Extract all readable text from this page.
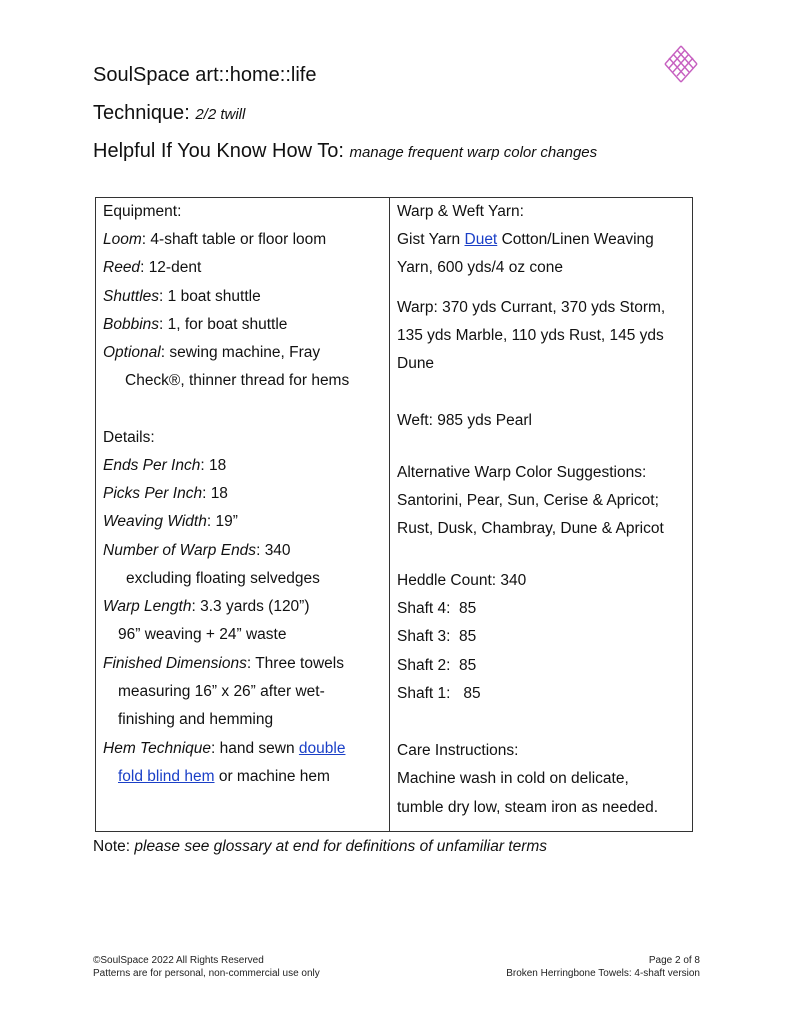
SoulSpace art::home::life
Technique: 2/2 twill
Helpful If You Know How To: manage frequent warp color changes
Equipment:
Loom: 4-shaft table or floor loom
Reed: 12-dent
Shuttles: 1 boat shuttle
Bobbins: 1, for boat shuttle
Optional: sewing machine, Fray
Check®, thinner thread for hems
Details:
Ends Per Inch: 18
Picks Per Inch: 18
Weaving Width: 19”
Number of Warp Ends: 340
excluding floating selvedges
Warp Length: 3.3 yards (120”)
96” weaving + 24” waste
Finished Dimensions: Three towels
measuring 16” x 26” after wet-
finishing and hemming
Hem Technique: hand sewn double
fold blind hem or machine hem
Warp & Weft Yarn:
Gist Yarn Duet Cotton/Linen Weaving
Yarn, 600 yds/4 oz cone
Warp: 370 yds Currant, 370 yds Storm,
135 yds Marble, 110 yds Rust, 145 yds
Dune
Weft: 985 yds Pearl
Alternative Warp Color Suggestions:
Santorini, Pear, Sun, Cerise & Apricot;
Rust, Dusk, Chambray, Dune & Apricot
Heddle Count: 340
Shaft 4:  85
Shaft 3:  85
Shaft 2:  85
Shaft 1:   85
Care Instructions:
Machine wash in cold on delicate,
tumble dry low, steam iron as needed.
Note: please see glossary at end for definitions of unfamiliar terms
©SoulSpace 2022 All Rights Reserved
Patterns are for personal, non-commercial use only
Page 2 of 8
Broken Herringbone Towels: 4-shaft version
